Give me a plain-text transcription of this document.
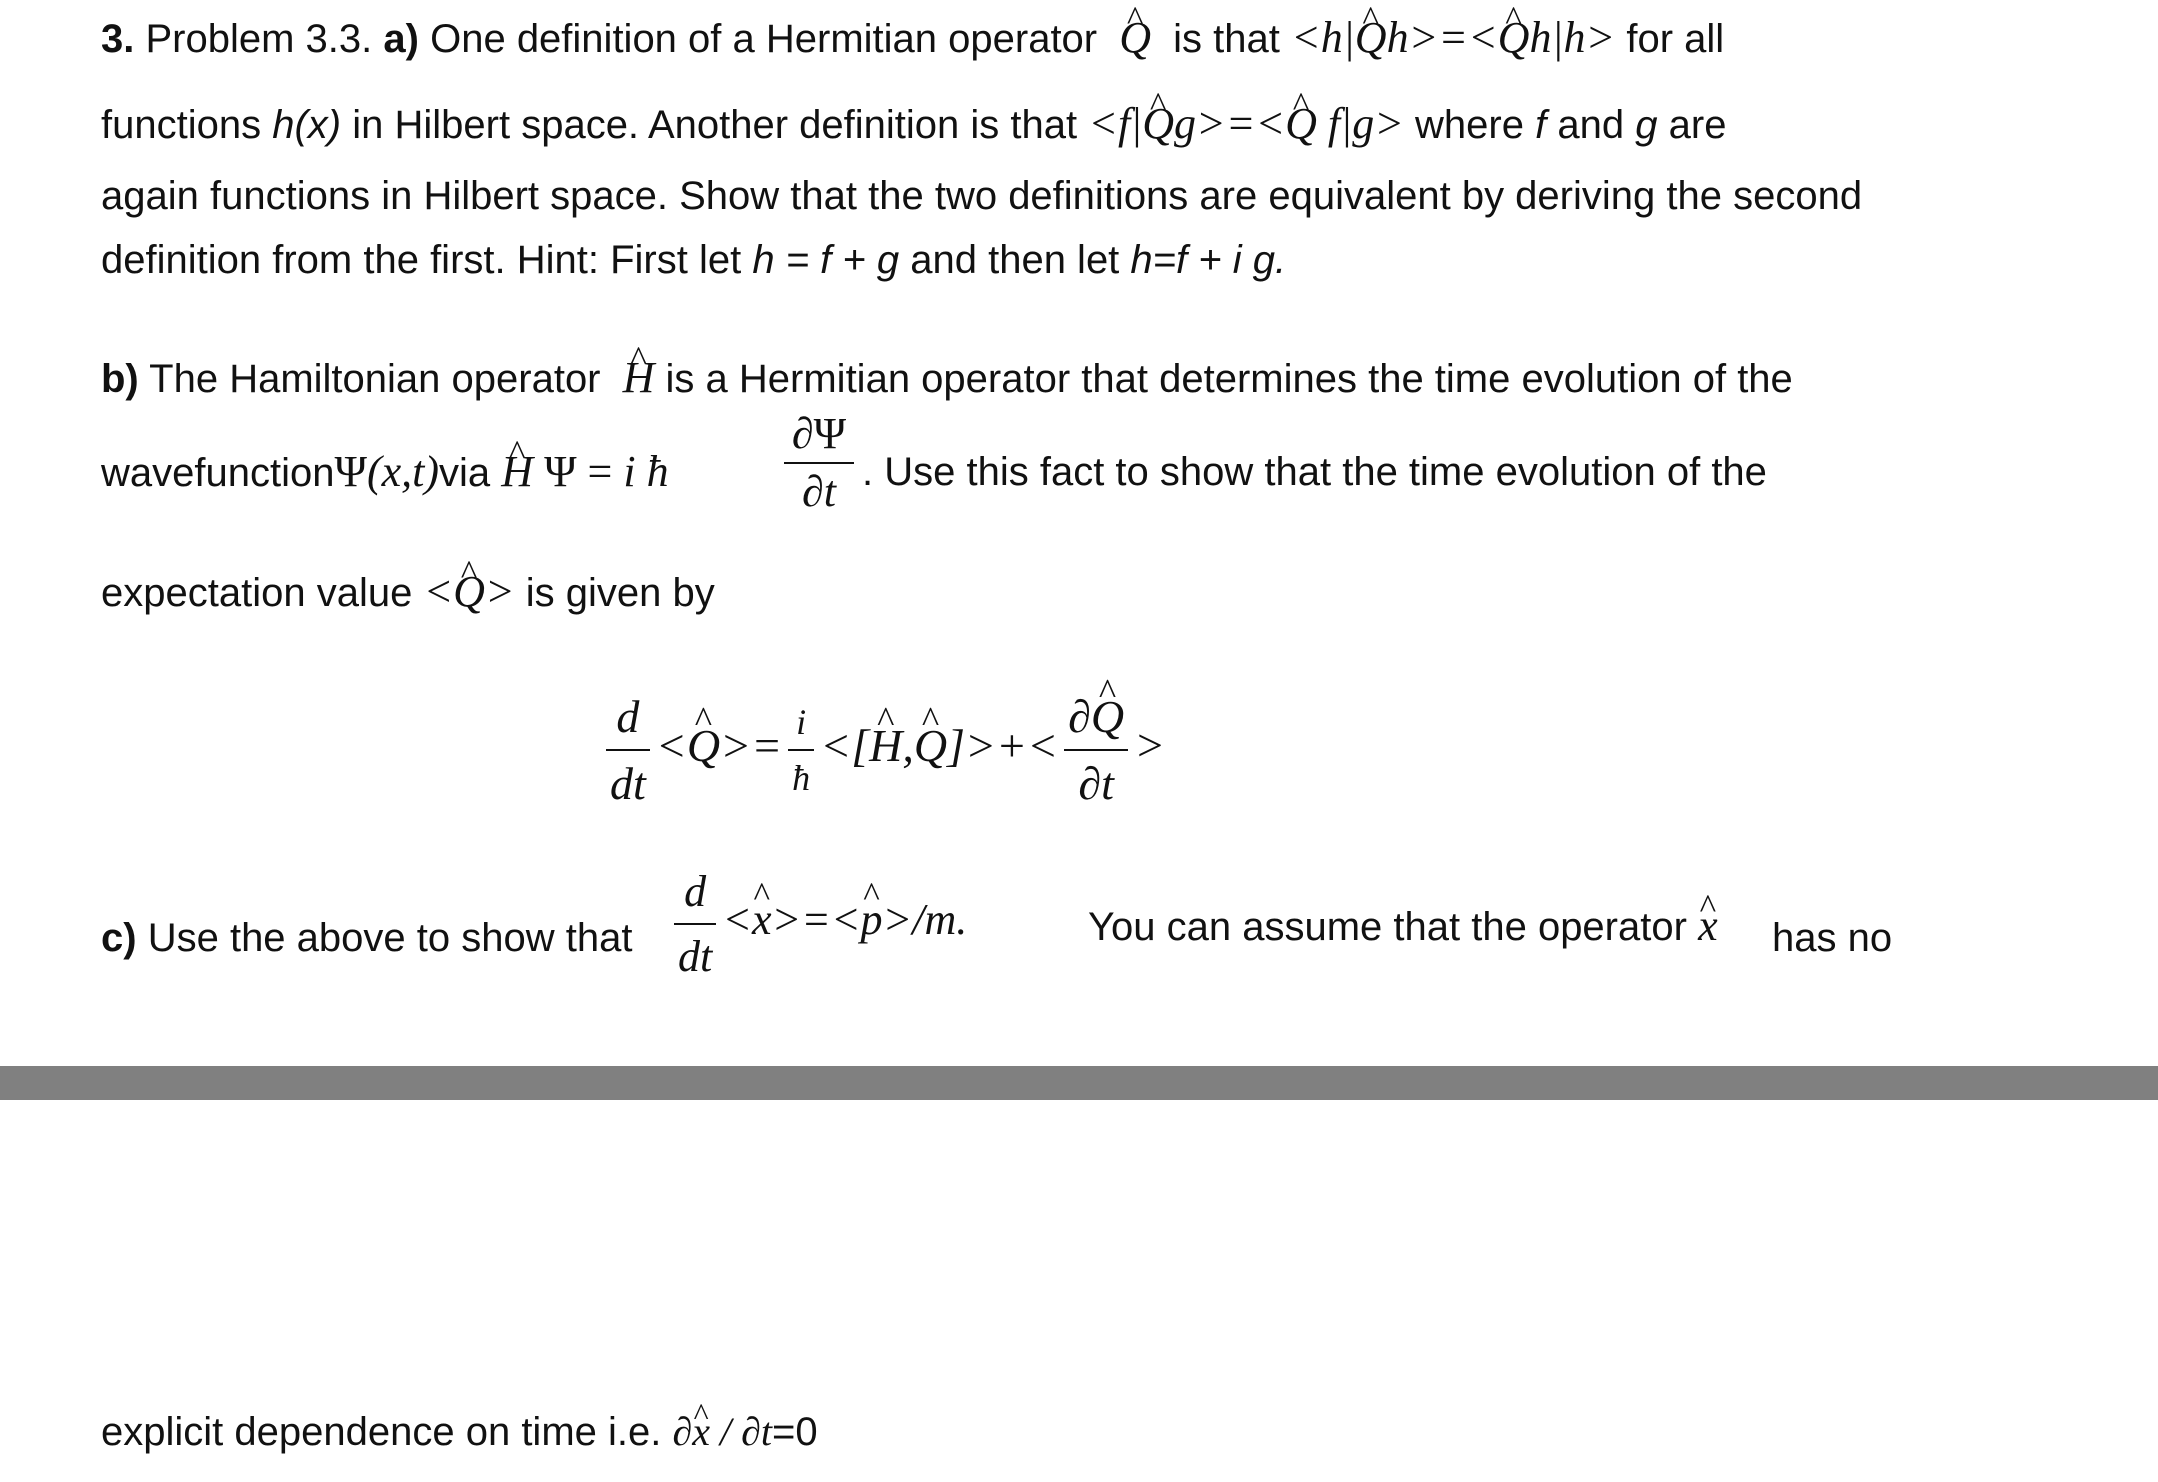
3. Problem 3.3. a) One definition of a Hermitian operator ^ Q is that <h|^ Qh>=<^ Qh|h> for all
functions h(x) in Hilbert space. Another definition is that <f|^ Qg>=<^ Q f|g> where f and g are
again functions in Hilbert space. Show that the two definitions are equivalent by deriving the second
definition from the first. Hint: First let h = f + g and then let h=f + i g.
b) The Hamiltonian operator ^ H is a Hermitian operator that determines the time evolution of the
wavefunctionΨ(x,t)via ^ H Ψ = i ħ
∂Ψ
∂t . Use this fact to show that the time evolution of the
expectation value <^ Q> is given by
$\frac{d}{dt}$ <^ $Q>= \frac{i}{ħ}$ <[^ H,^ $Q]>+< \frac{\partial\^{} Q}{\partial t}$ >
c) Use the above to show that $\frac{d}{dt}$ <^ x>=<^ p>/m.	You can assume that the operator ^ x has no
explicit dependence on time i.e. ∂^ x / ∂t=0
